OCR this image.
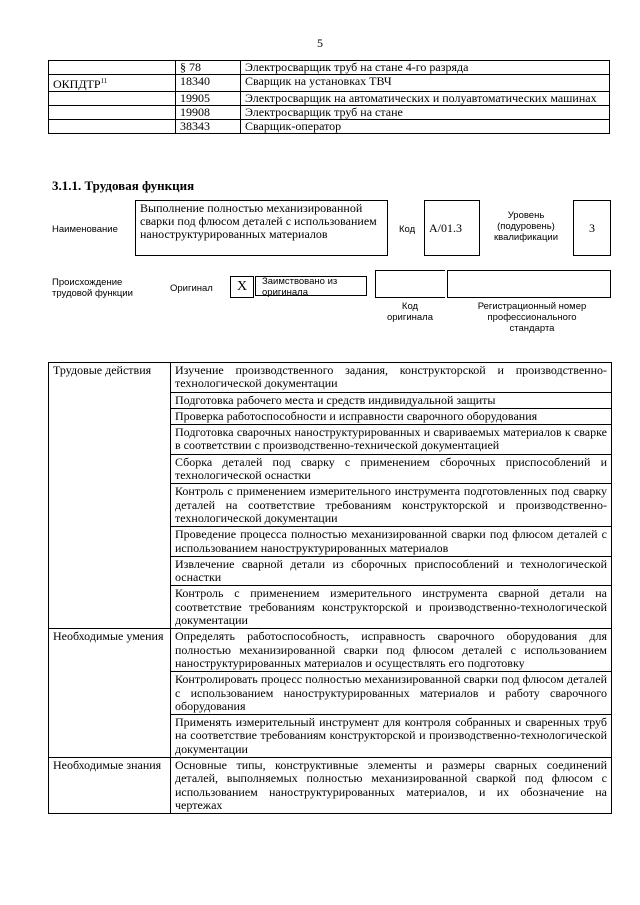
5
	§ 78	Электросварщик труб на стане 4-го разряда
ОКПДТР$^{11}$	18340	Сварщик на установках ТВЧ
	19905	Электросварщик на автоматических и полуавтоматических машинах
	19908	Электросварщик труб на стане
	38343	Сварщик-оператор
3.1.1. Трудовая функция
Наименование
Выполнение полностью механизированной сварки под флюсом деталей с использованием наноструктурированных материалов	Код	A/01.3
Уровень (подуровень) квалификации
3
Происхождение трудовой функции	Оригинал	X	Заимствовано из оригинала
Код оригинала
Регистрационный номер профессионального стандарта
Трудовые действия	Изучение производственного задания, конструкторской и производственно-технологической документации
	Подготовка рабочего места и средств индивидуальной защиты
	Проверка работоспособности и исправности сварочного оборудования
	Подготовка сварочных наноструктурированных и свариваемых материалов к сварке в соответствии с производственно-технической документацией
	Сборка деталей под сварку с применением сборочных приспособлений и технологической оснастки
	Контроль с применением измерительного инструмента подготовленных под сварку деталей на соответствие требованиям конструкторской и производственно-технологической документации
	Проведение процесса полностью механизированной сварки под флюсом деталей с использованием наноструктурированных материалов
	Извлечение сварной детали из сборочных приспособлений и технологической оснастки
	Контроль с применением измерительного инструмента сварной детали на соответствие требованиям конструкторской и производственно-технологической документации
Необходимые умения	Определять работоспособность, исправность сварочного оборудования для полностью механизированной сварки под флюсом деталей с использованием наноструктурированных материалов и осуществлять его подготовку
	Контролировать процесс полностью механизированной сварки под флюсом деталей с использованием наноструктурированных материалов и работу сварочного оборудования
	Применять измерительный инструмент для контроля собранных и сваренных труб на соответствие требованиям конструкторской и производственно-технологической документации
Необходимые знания	Основные типы, конструктивные элементы и размеры сварных соединений деталей, выполняемых полностью механизированной сваркой под флюсом с использованием наноструктурированных материалов, и их обозначение на чертежах
